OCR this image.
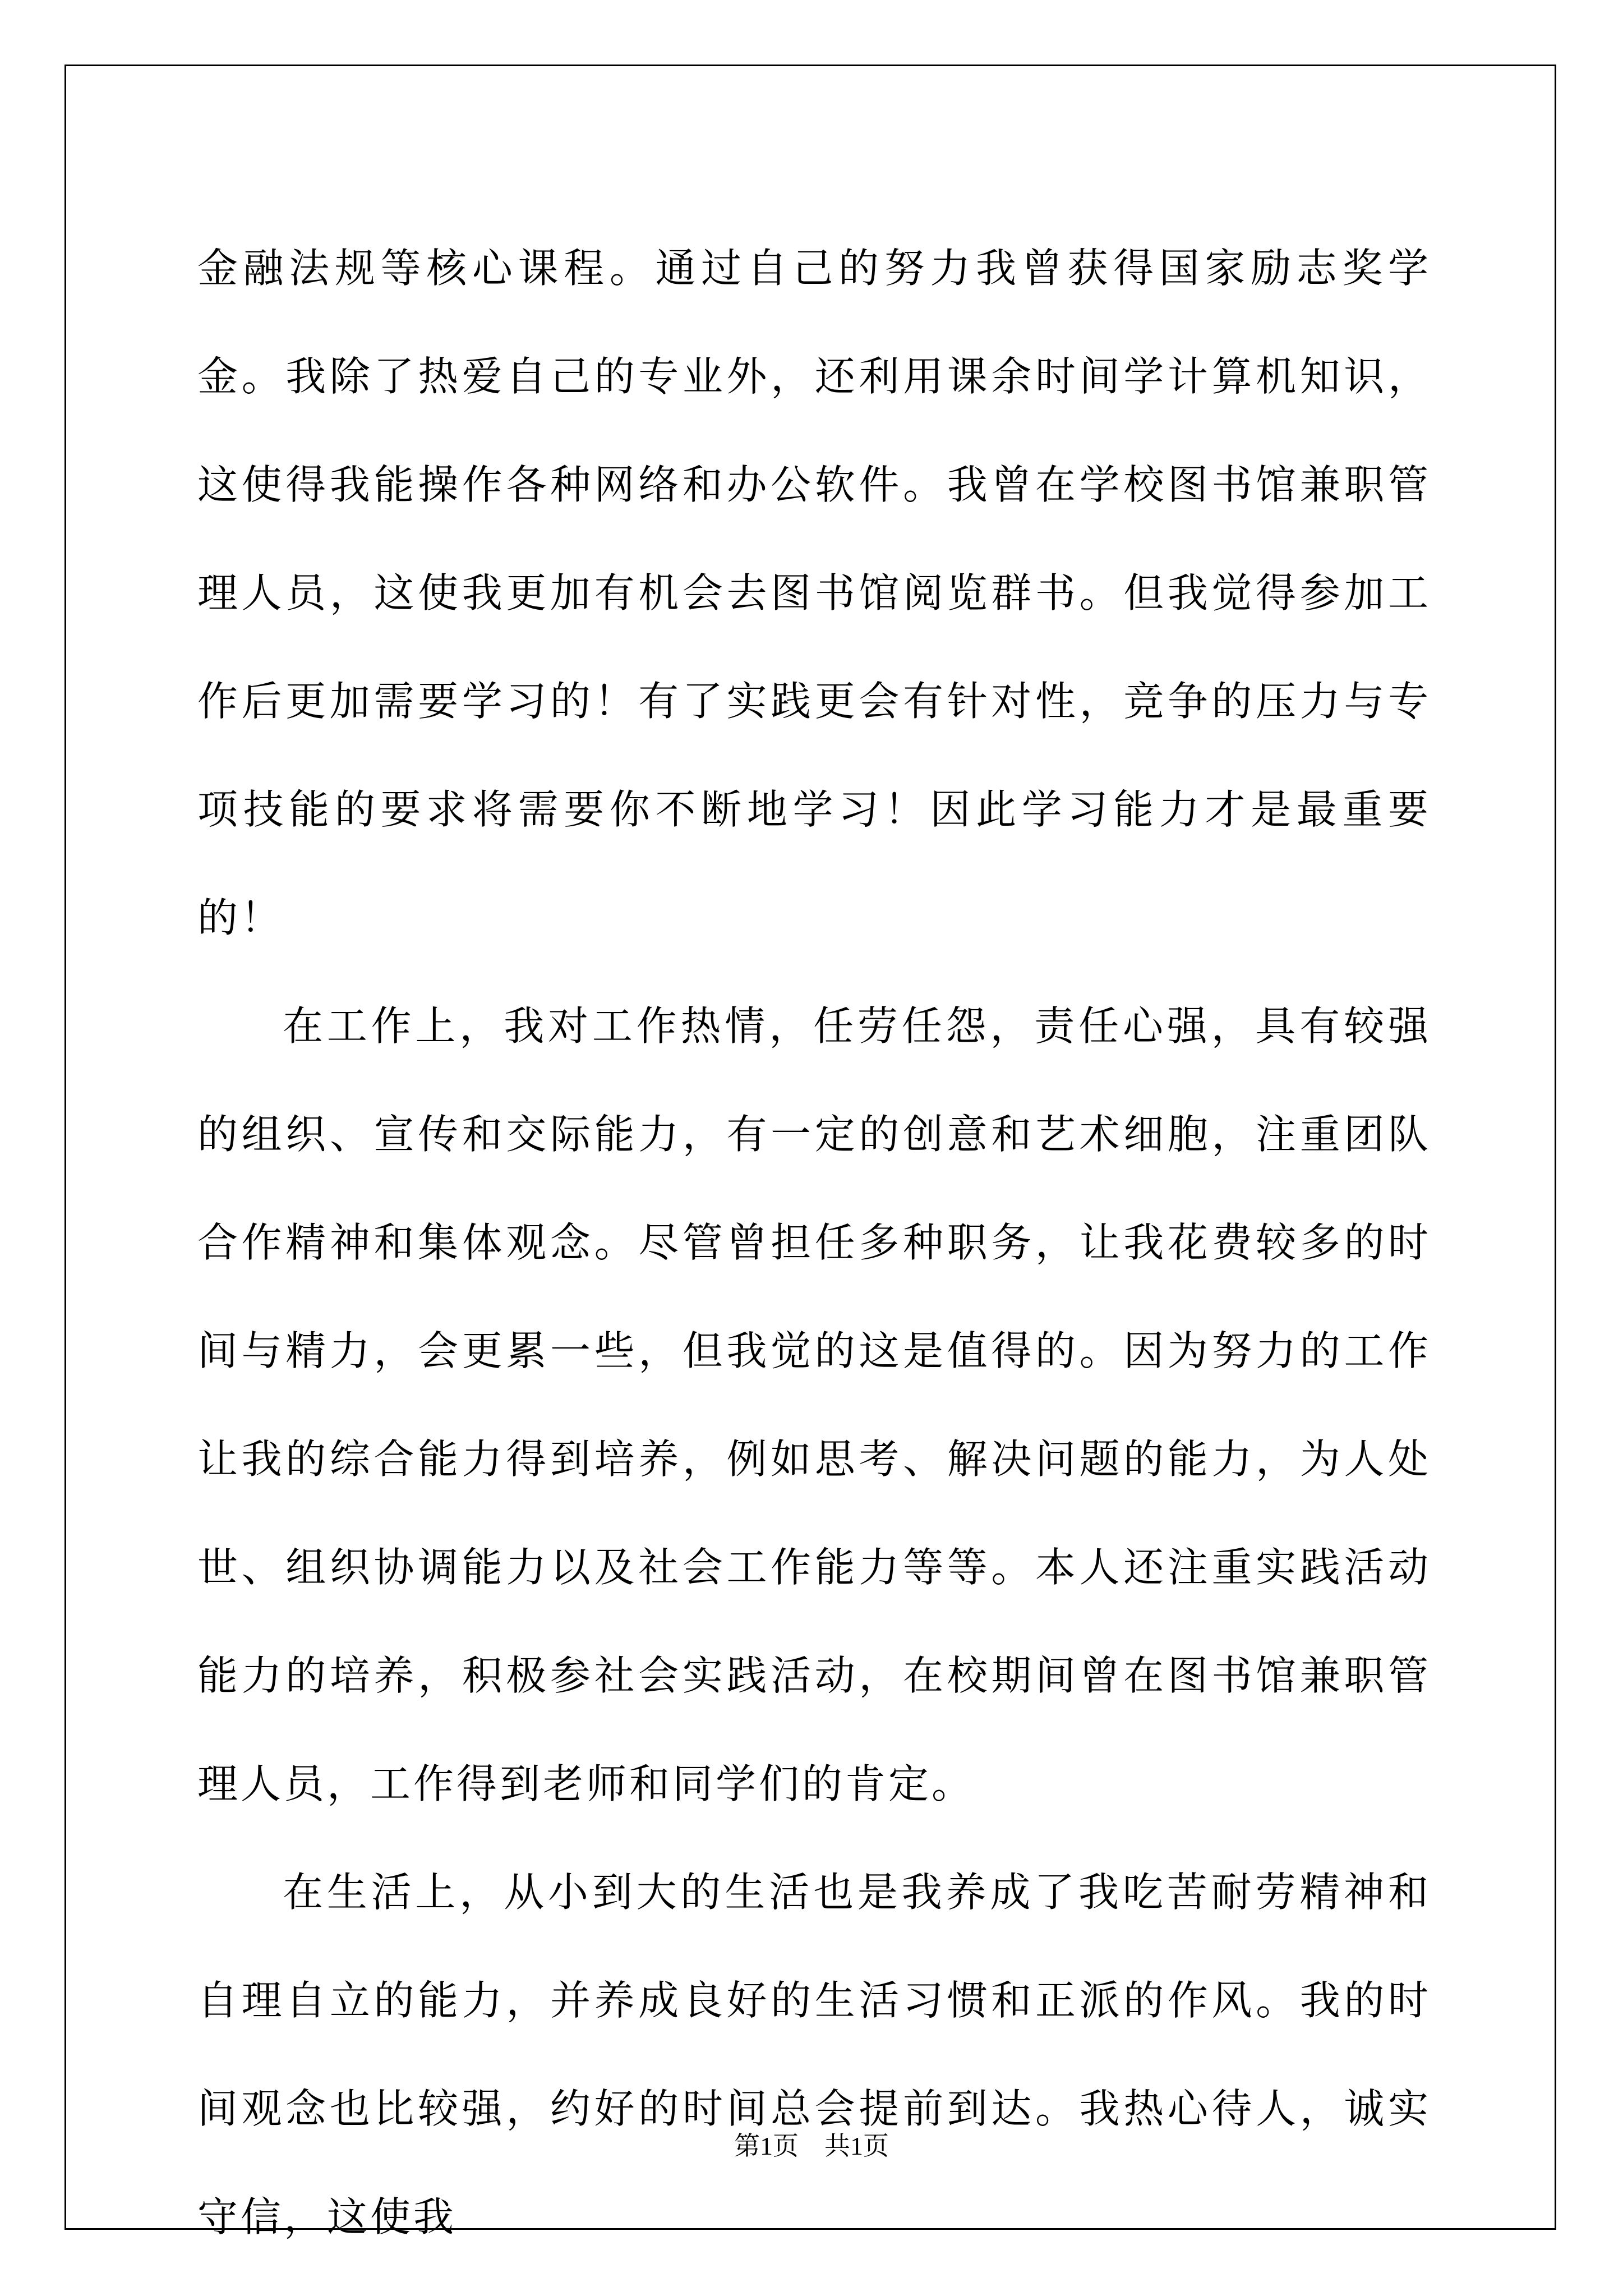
金融法规等核心课程。通过自己的努力我曾获得国家励志奖学金。我除了热爱自己的专业外，还利用课余时间学计算机知识，这使得我能操作各种网络和办公软件。我曾在学校图书馆兼职管理人员，这使我更加有机会去图书馆阅览群书。但我觉得参加工作后更加需要学习的！有了实践更会有针对性，竞争的压力与专项技能的要求将需要你不断地学习！因此学习能力才是最重要的！

在工作上，我对工作热情，任劳任怨，责任心强，具有较强的组织、宣传和交际能力，有一定的创意和艺术细胞，注重团队合作精神和集体观念。尽管曾担任多种职务，让我花费较多的时间与精力，会更累一些，但我觉的这是值得的。因为努力的工作让我的综合能力得到培养，例如思考、解决问题的能力，为人处世、组织协调能力以及社会工作能力等等。本人还注重实践活动能力的培养，积极参社会实践活动，在校期间曾在图书馆兼职管理人员，工作得到老师和同学们的肯定。

在生活上，从小到大的生活也是我养成了我吃苦耐劳精神和自理自立的能力，并养成良好的生活习惯和正派的作风。我的时间观念也比较强，约好的时间总会提前到达。我热心待人，诚实守信，这使我

第1页　共1页
